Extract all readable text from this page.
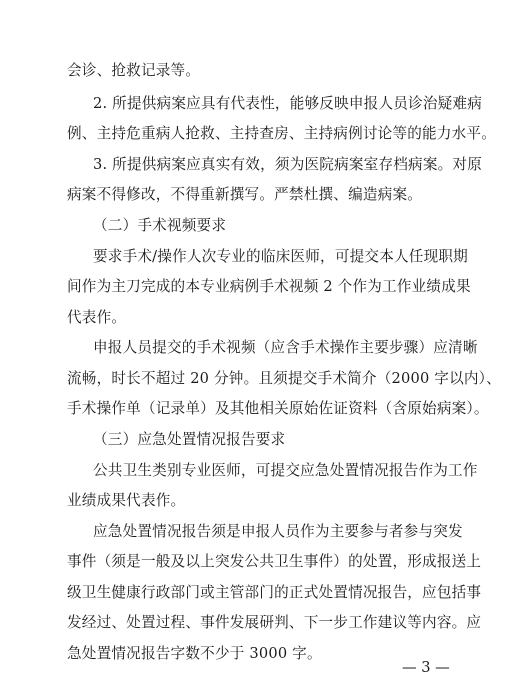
会诊、抢救记录等。
2. 所提供病案应具有代表性，能够反映申报人员诊治疑难病
例、主持危重病人抢救、主持查房、主持病例讨论等的能力水平。
3. 所提供病案应真实有效，须为医院病案室存档病案。对原
病案不得修改，不得重新撰写。严禁杜撰、编造病案。
（二）手术视频要求
要求手术/操作人次专业的临床医师，可提交本人任现职期
间作为主刀完成的本专业病例手术视频 2 个作为工作业绩成果
代表作。
申报人员提交的手术视频（应含手术操作主要步骤）应清晰
流畅，时长不超过 20 分钟。且须提交手术简介（2000 字以内）、
手术操作单（记录单）及其他相关原始佐证资料（含原始病案）。
（三）应急处置情况报告要求
公共卫生类别专业医师，可提交应急处置情况报告作为工作
业绩成果代表作。
应急处置情况报告须是申报人员作为主要参与者参与突发
事件（须是一般及以上突发公共卫生事件）的处置，形成报送上
级卫生健康行政部门或主管部门的正式处置情况报告，应包括事
发经过、处置过程、事件发展研判、下一步工作建议等内容。应
急处置情况报告字数不少于 3000 字。
— 3 —
